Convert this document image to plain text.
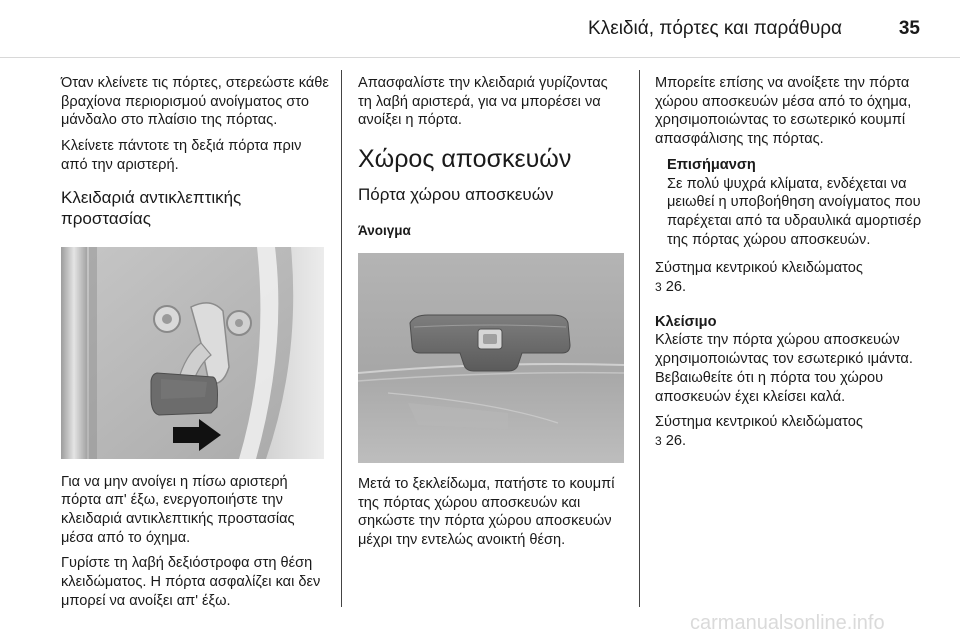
Κλειδιά, πόρτες και παράθυρα	35

Όταν κλείνετε τις πόρτες, στερεώστε κάθε βραχίονα περιορισμού ανοίγματος στο μάνδαλο στο πλαίσιο της πόρτας.

Κλείνετε πάντοτε τη δεξιά πόρτα πριν από την αριστερή.

Κλειδαριά αντικλεπτικής προστασίας

Για να μην ανοίγει η πίσω αριστερή πόρτα απ' έξω, ενεργοποιήστε την κλειδαριά αντικλεπτικής προστασίας μέσα από το όχημα.

Γυρίστε τη λαβή δεξιόστροφα στη θέση κλειδώματος. Η πόρτα ασφαλίζει και δεν μπορεί να ανοίξει απ' έξω.

Απασφαλίστε την κλειδαριά γυρίζοντας τη λαβή αριστερά, για να μπορέσει να ανοίξει η πόρτα.

Χώρος αποσκευών
Πόρτα χώρου αποσκευών
Άνοιγμα

Μετά το ξεκλείδωμα, πατήστε το κουμπί της πόρτας χώρου αποσκευών και σηκώστε την πόρτα χώρου αποσκευών μέχρι την εντελώς ανοικτή θέση.

Μπορείτε επίσης να ανοίξετε την πόρτα χώρου αποσκευών μέσα από το όχημα, χρησιμοποιώντας το εσωτερικό κουμπί απασφάλισης της πόρτας.

Επισήμανση
Σε πολύ ψυχρά κλίματα, ενδέχεται να μειωθεί η υποβοήθηση ανοίγματος που παρέχεται από τα υδραυλικά αμορτισέρ της πόρτας χώρου αποσκευών.

Σύστημα κεντρικού κλειδώματος
3 26.

Κλείσιμο

Κλείστε την πόρτα χώρου αποσκευών χρησιμοποιώντας τον εσωτερικό ιμάντα. Βεβαιωθείτε ότι η πόρτα του χώρου αποσκευών έχει κλείσει καλά.

Σύστημα κεντρικού κλειδώματος
3 26.

carmanualsonline.info
